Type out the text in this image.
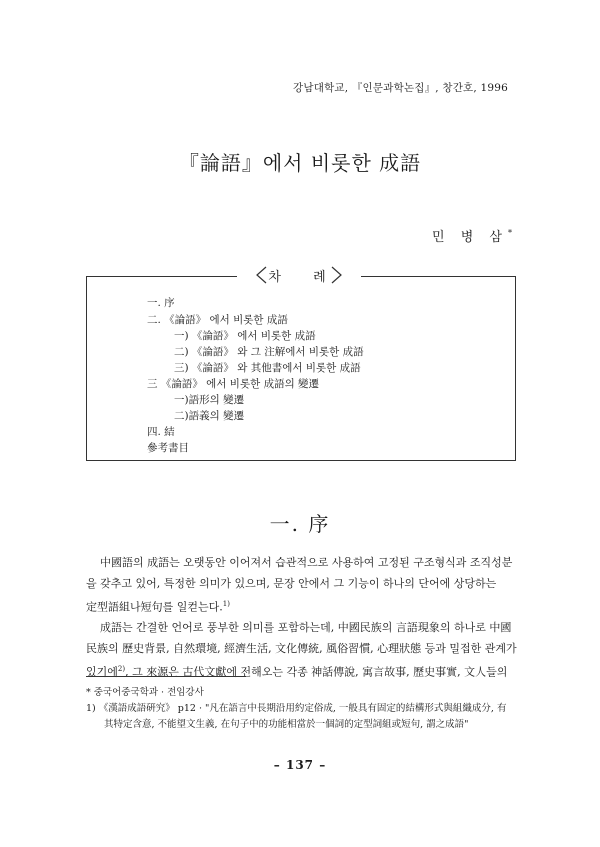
강남대학교, 『인문과학논집』, 창간호, 1996
『論語』에서 비롯한 成語
민 병 삼*
차 례
一. 序
二. 《論語》 에서 비롯한 成語
一) 《論語》 에서 비롯한 成語
二) 《論語》 와 그 注解에서 비롯한 成語
三) 《論語》 와 其他書에서 비롯한 成語
三 《論語》 에서 비롯한 成語의 變遷
一)語形의 變遷
二)語義의 變遷
四. 結
參考書目
一. 序
中國語의 成語는 오랫동안 이어져서 습관적으로 사용하여 고정된 구조형식과 조직성분
을 갖추고 있어, 특정한 의미가 있으며, 문장 안에서 그 기능이 하나의 단어에 상당하는
定型語組나短句를 일컫는다.$^{1)}$
成語는 간결한 언어로 풍부한 의미를 포함하는데, 中國民族의 言語現象의 하나로 中國
民族의 歷史背景, 自然環境, 經濟生活, 文化傳統, 風俗習慣, 心理狀態 등과 밀접한 관계가
있기에$^{2)}$, 그 來源은 古代文獻에 전해오는 각종 神話傳說, 寓言故事, 歷史事實, 文人들의
* 중국어중국학과 · 전임강사
1) 《漢語成語硏究》 p12 · "凡在語言中長期沿用約定俗成, 一般具有固定的結構形式與組織成分, 有
其特定含意, 不能望文生義, 在句子中的功能相當於一個詞的定型詞組或短句, 謂之成語"
– 137 –
